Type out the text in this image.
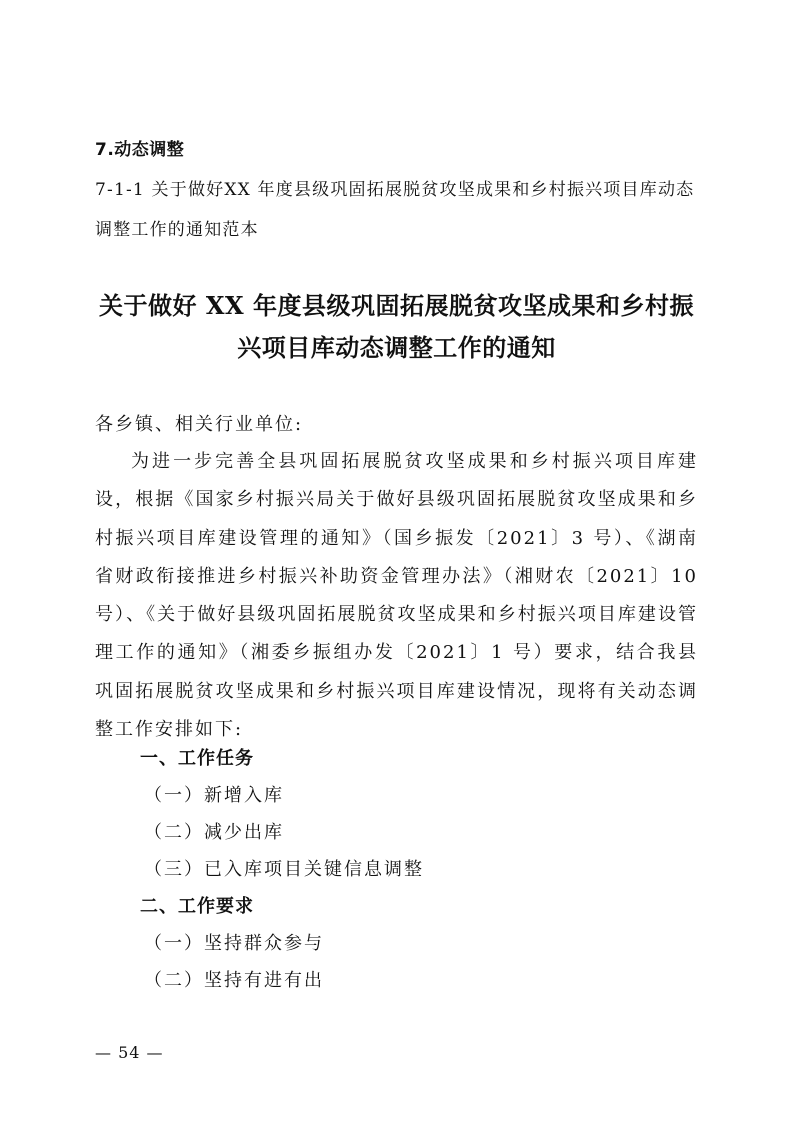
7.动态调整
7-1-1 关于做好XX 年度县级巩固拓展脱贫攻坚成果和乡村振兴项目库动态调整工作的通知范本
关于做好 XX 年度县级巩固拓展脱贫攻坚成果和乡村振
兴项目库动态调整工作的通知
各乡镇、相关行业单位:
为进一步完善全县巩固拓展脱贫攻坚成果和乡村振兴项目库建设，根据《国家乡村振兴局关于做好县级巩固拓展脱贫攻坚成果和乡村振兴项目库建设管理的通知》（国乡振发〔2021〕3 号）、《湖南省财政衔接推进乡村振兴补助资金管理办法》（湘财农〔2021〕10 号）、《关于做好县级巩固拓展脱贫攻坚成果和乡村振兴项目库建设管理工作的通知》（湘委乡振组办发〔2021〕1 号）要求，结合我县巩固拓展脱贫攻坚成果和乡村振兴项目库建设情况，现将有关动态调整工作安排如下:
一、工作任务
（一）新增入库
（二）减少出库
（三）已入库项目关键信息调整
二、工作要求
（一）坚持群众参与
（二）坚持有进有出
— 54 —
